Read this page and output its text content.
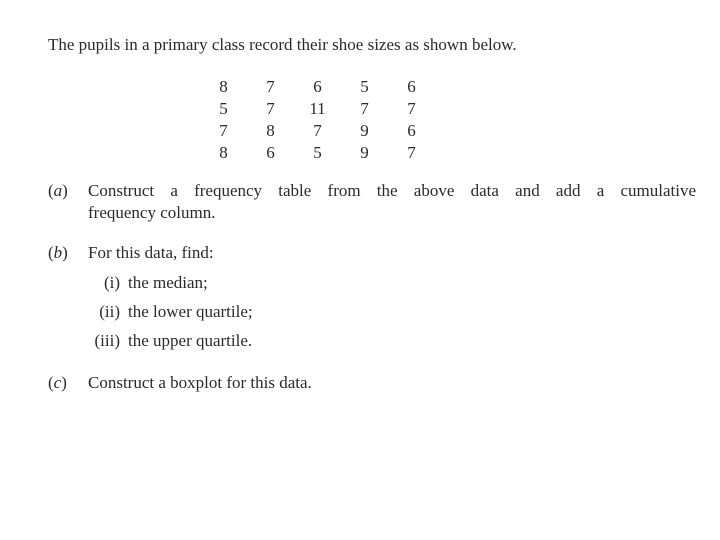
The pupils in a primary class record their shoe sizes as shown below.
8	7	6	5	6
5	7	11	7	7
7	8	7	9	6
8	6	5	9	7
(a)	Construct a frequency table from the above data and add a cumulative
frequency column.
(b)	For this data, find:
(i) the median;
(ii) the lower quartile;
(iii) the upper quartile.
(c)	Construct a boxplot for this data.
